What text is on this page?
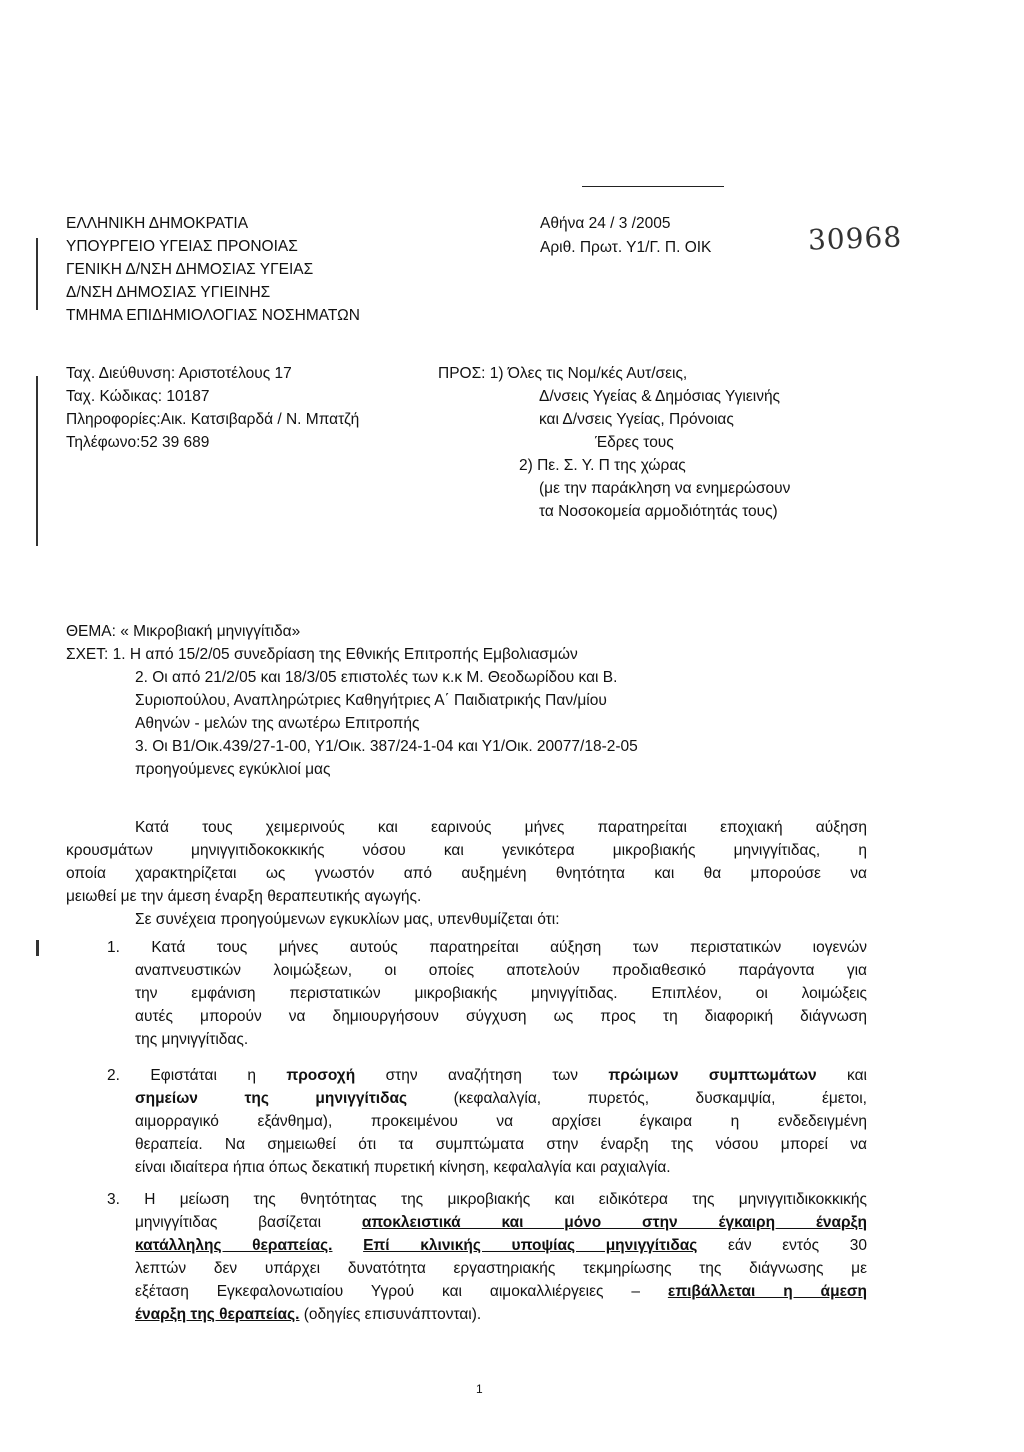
ΕΛΛΗΝΙΚΗ ΔΗΜΟΚΡΑΤΙΑ
ΥΠΟΥΡΓΕΙΟ ΥΓΕΙΑΣ ΠΡΟΝΟΙΑΣ
ΓΕΝΙΚΗ Δ/ΝΣΗ ΔΗΜΟΣΙΑΣ ΥΓΕΙΑΣ
Δ/ΝΣΗ ΔΗΜΟΣΙΑΣ ΥΓΙΕΙΝΗΣ
ΤΜΗΜΑ ΕΠΙΔΗΜΙΟΛΟΓΙΑΣ ΝΟΣΗΜΑΤΩΝ
Αθήνα 24 / 3 /2005
Αριθ. Πρωτ. Υ1/Γ. Π. ΟΙΚ	30968
Ταχ. Διεύθυνση: Αριστοτέλους 17
Ταχ. Κώδικας: 10187
Πληροφορίες:Αικ. Κατσιβαρδά / Ν. Μπατζή
Τηλέφωνο:52 39 689
ΠΡΟΣ: 1) Όλες τις Νομ/κές Αυτ/σεις,
Δ/νσεις Υγείας & Δημόσιας Υγιεινής
και Δ/νσεις Υγείας, Πρόνοιας
Έδρες τους
2) Πε. Σ. Υ. Π της χώρας
(με την παράκληση να ενημερώσουν
τα Νοσοκομεία αρμοδιότητάς τους)
ΘΕΜΑ: « Μικροβιακή μηνιγγίτιδα»
ΣΧΕΤ: 1. Η από 15/2/05 συνεδρίαση της Εθνικής Επιτροπής Εμβολιασμών
2. Οι από 21/2/05 και 18/3/05 επιστολές των κ.κ Μ. Θεοδωρίδου και Β.
Συριοπούλου, Αναπληρώτριες Καθηγήτριες Α΄ Παιδιατρικής Παν/μίου
Αθηνών - μελών της ανωτέρω Επιτροπής
3. Οι Β1/Οικ.439/27-1-00, Υ1/Οικ. 387/24-1-04 και Υ1/Οικ. 20077/18-2-05
προηγούμενες εγκύκλιοί μας
Κατά τους χειμερινούς και εαρινούς μήνες παρατηρείται εποχιακή αύξηση
κρουσμάτων μηνιγγιτιδοκοκκικής νόσου και γενικότερα μικροβιακής μηνιγγίτιδας, η
οποία χαρακτηρίζεται ως γνωστόν από αυξημένη θνητότητα και θα μπορούσε να
μειωθεί με την άμεση έναρξη θεραπευτικής αγωγής.
Σε συνέχεια προηγούμενων εγκυκλίων μας, υπενθυμίζεται ότι:
1. Κατά τους μήνες αυτούς παρατηρείται αύξηση των περιστατικών ιογενών
αναπνευστικών λοιμώξεων, οι οποίες αποτελούν προδιαθεσικό παράγοντα για
την εμφάνιση περιστατικών μικροβιακής μηνιγγίτιδας. Επιπλέον, οι λοιμώξεις
αυτές μπορούν να δημιουργήσουν σύγχυση ως προς τη διαφορική διάγνωση
της μηνιγγίτιδας.
2. Εφιστάται η προσοχή στην αναζήτηση των πρώιμων συμπτωμάτων και
σημείων της μηνιγγίτιδας (κεφαλαλγία, πυρετός, δυσκαμψία, έμετοι,
αιμορραγικό εξάνθημα), προκειμένου να αρχίσει έγκαιρα η ενδεδειγμένη
θεραπεία. Να σημειωθεί ότι τα συμπτώματα στην έναρξη της νόσου μπορεί να
είναι ιδιαίτερα ήπια όπως δεκατική πυρετική κίνηση, κεφαλαλγία και ραχιαλγία.
3. Η μείωση της θνητότητας της μικροβιακής και ειδικότερα της μηνιγγιτιδικοκκικής
μηνιγγίτιδας βασίζεται αποκλειστικά και μόνο στην έγκαιρη έναρξη
κατάλληλης θεραπείας. Επί κλινικής υποψίας μηνιγγίτιδας εάν εντός 30
λεπτών δεν υπάρχει δυνατότητα εργαστηριακής τεκμηρίωσης της διάγνωσης με
εξέταση Εγκεφαλονωτιαίου Υγρού και αιμοκαλλιέργειες – επιβάλλεται η άμεση
έναρξη της θεραπείας. (οδηγίες επισυνάπτονται).
1
